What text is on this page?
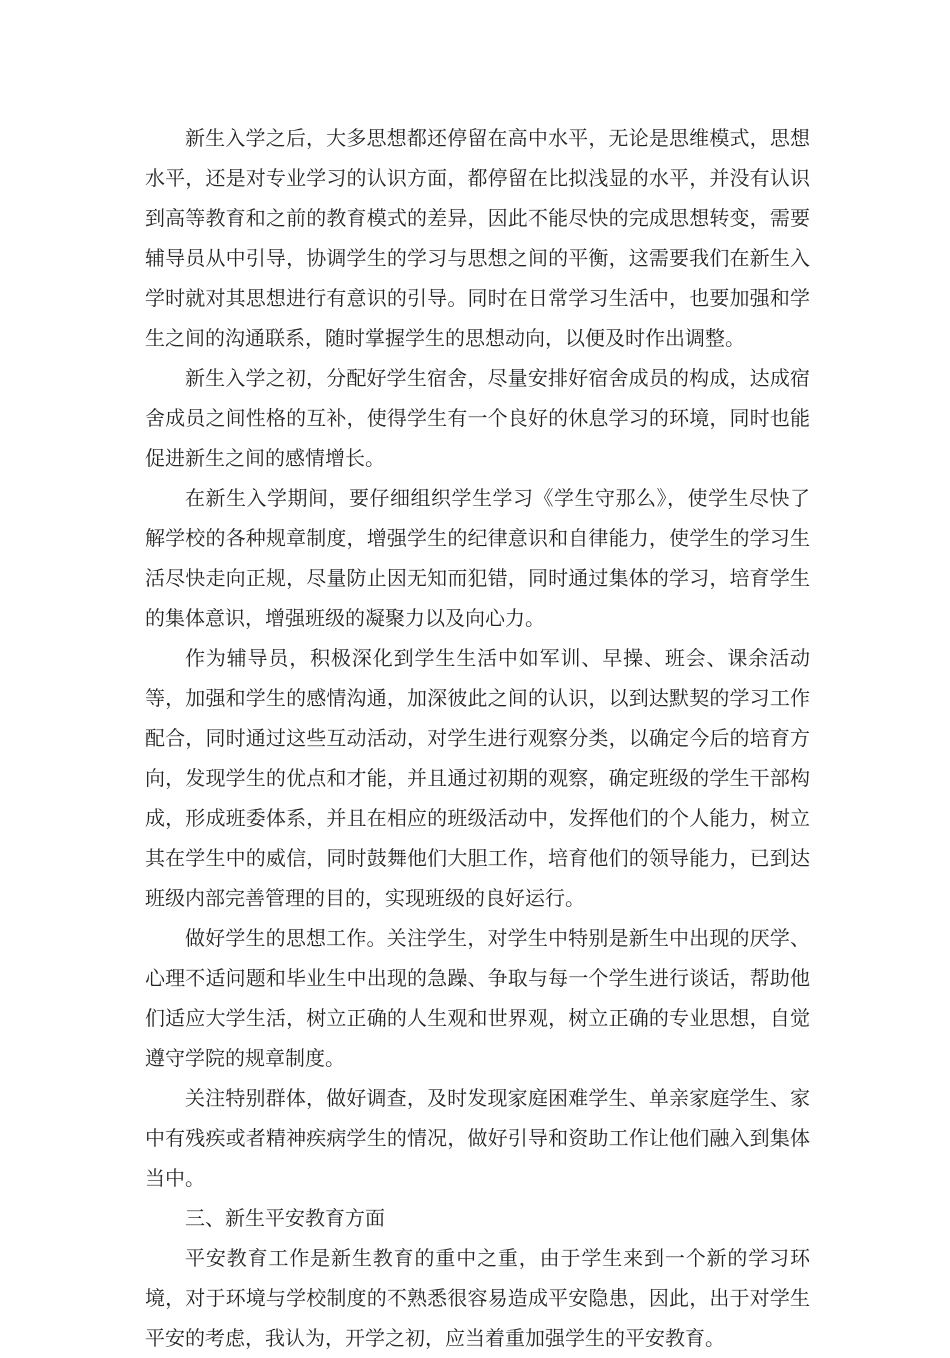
新生入学之后，大多思想都还停留在高中水平，无论是思维模式，思想水平，还是对专业学习的认识方面，都停留在比拟浅显的水平，并没有认识到高等教育和之前的教育模式的差异，因此不能尽快的完成思想转变，需要辅导员从中引导，协调学生的学习与思想之间的平衡，这需要我们在新生入学时就对其思想进行有意识的引导。同时在日常学习生活中，也要加强和学生之间的沟通联系，随时掌握学生的思想动向，以便及时作出调整。

新生入学之初，分配好学生宿舍，尽量安排好宿舍成员的构成，达成宿舍成员之间性格的互补，使得学生有一个良好的休息学习的环境，同时也能促进新生之间的感情增长。

在新生入学期间，要仔细组织学生学习《学生守那么》，使学生尽快了解学校的各种规章制度，增强学生的纪律意识和自律能力，使学生的学习生活尽快走向正规，尽量防止因无知而犯错，同时通过集体的学习，培育学生的集体意识，增强班级的凝聚力以及向心力。

作为辅导员，积极深化到学生生活中如军训、早操、班会、课余活动等，加强和学生的感情沟通，加深彼此之间的认识，以到达默契的学习工作配合，同时通过这些互动活动，对学生进行观察分类，以确定今后的培育方向，发现学生的优点和才能，并且通过初期的观察，确定班级的学生干部构成，形成班委体系，并且在相应的班级活动中，发挥他们的个人能力，树立其在学生中的威信，同时鼓舞他们大胆工作，培育他们的领导能力，已到达班级内部完善管理的目的，实现班级的良好运行。

做好学生的思想工作。关注学生，对学生中特别是新生中出现的厌学、心理不适问题和毕业生中出现的急躁、争取与每一个学生进行谈话，帮助他们适应大学生活，树立正确的人生观和世界观，树立正确的专业思想，自觉遵守学院的规章制度。

关注特别群体，做好调查，及时发现家庭困难学生、单亲家庭学生、家中有残疾或者精神疾病学生的情况，做好引导和资助工作让他们融入到集体当中。

三、新生平安教育方面

平安教育工作是新生教育的重中之重，由于学生来到一个新的学习环境，对于环境与学校制度的不熟悉很容易造成平安隐患，因此，出于对学生平安的考虑，我认为，开学之初，应当着重加强学生的平安教育。
